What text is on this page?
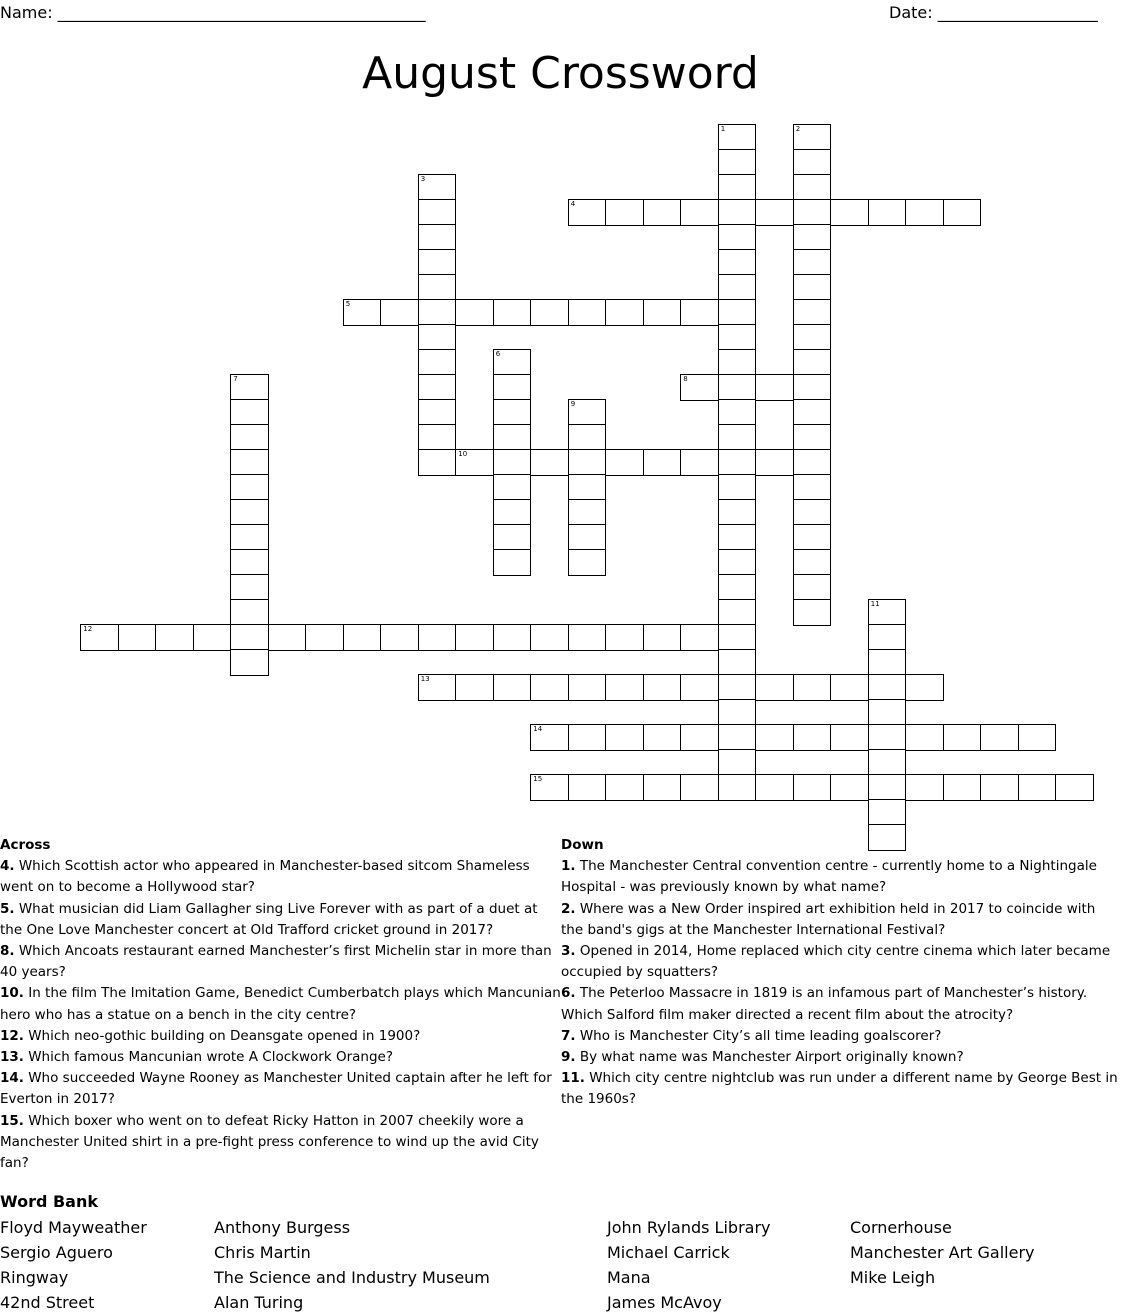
Name: ______________________________________________	Date: ____________________
August Crossword
1	2
3
4
5
6
7	8
9
10
11
12
13
14
15
Across
4. Which Scottish actor who appeared in Manchester-based sitcom Shameless went on to become a Hollywood star?
5. What musician did Liam Gallagher sing Live Forever with as part of a duet at the One Love Manchester concert at Old Trafford cricket ground in 2017?
8. Which Ancoats restaurant earned Manchester’s first Michelin star in more than 40 years?
10. In the film The Imitation Game, Benedict Cumberbatch plays which Mancunian hero who has a statue on a bench in the city centre?
12. Which neo-gothic building on Deansgate opened in 1900?
13. Which famous Mancunian wrote A Clockwork Orange?
14. Who succeeded Wayne Rooney as Manchester United captain after he left for Everton in 2017?
15. Which boxer who went on to defeat Ricky Hatton in 2007 cheekily wore a Manchester United shirt in a pre-fight press conference to wind up the avid City fan?
Down
1. The Manchester Central convention centre - currently home to a Nightingale Hospital - was previously known by what name?
2. Where was a New Order inspired art exhibition held in 2017 to coincide with the band's gigs at the Manchester International Festival?
3. Opened in 2014, Home replaced which city centre cinema which later became occupied by squatters?
6. The Peterloo Massacre in 1819 is an infamous part of Manchester’s history. Which Salford film maker directed a recent film about the atrocity?
7. Who is Manchester City’s all time leading goalscorer?
9. By what name was Manchester Airport originally known?
11. Which city centre nightclub was run under a different name by George Best in the 1960s?
Word Bank
Floyd Mayweather
Sergio Aguero
Ringway
42nd Street
Anthony Burgess
Chris Martin
The Science and Industry Museum
Alan Turing
John Rylands Library
Michael Carrick
Mana
James McAvoy
Cornerhouse
Manchester Art Gallery
Mike Leigh
